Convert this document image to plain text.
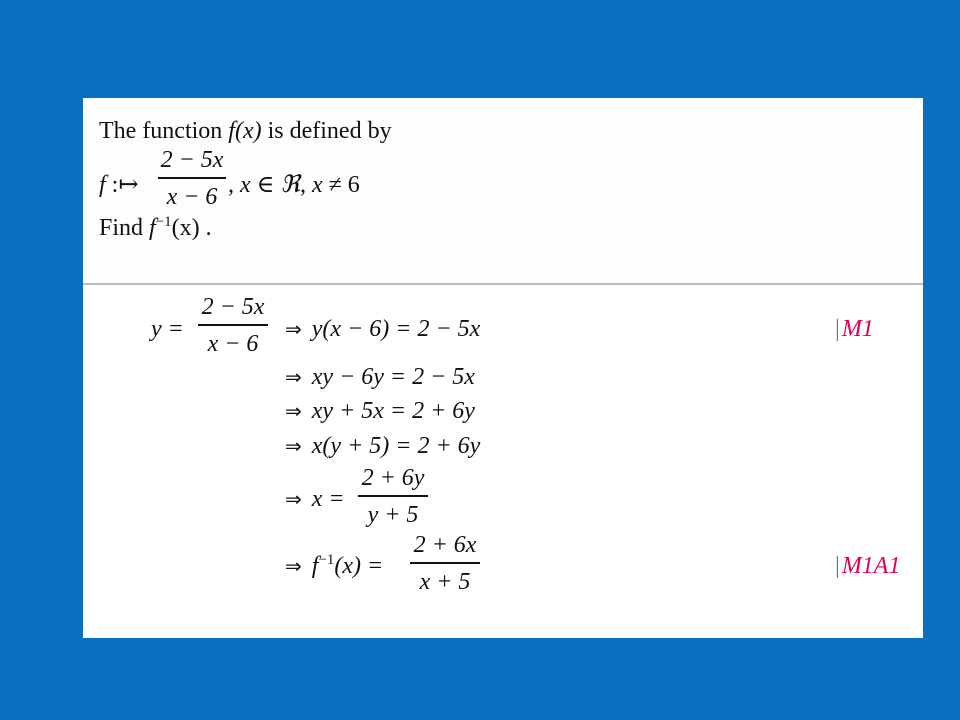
The function f(x) is defined by
f :↦
2 − 5x
x − 6 , x ∈ ℜ, x ≠ 6
Find $f^{-1}(x)$ .
y =
2 − 5x
x − 6
⇒ y(x − 6) = 2 − 5x	|M1
⇒ xy − 6y = 2 − 5x
⇒ xy + 5x = 2 + 6y
⇒ x(y + 5) = 2 + 6y
⇒ x =
2 + 6y
y + 5
⇒ $f^{-1}(x)$ =
2 + 6x
x + 5
|M1A1
